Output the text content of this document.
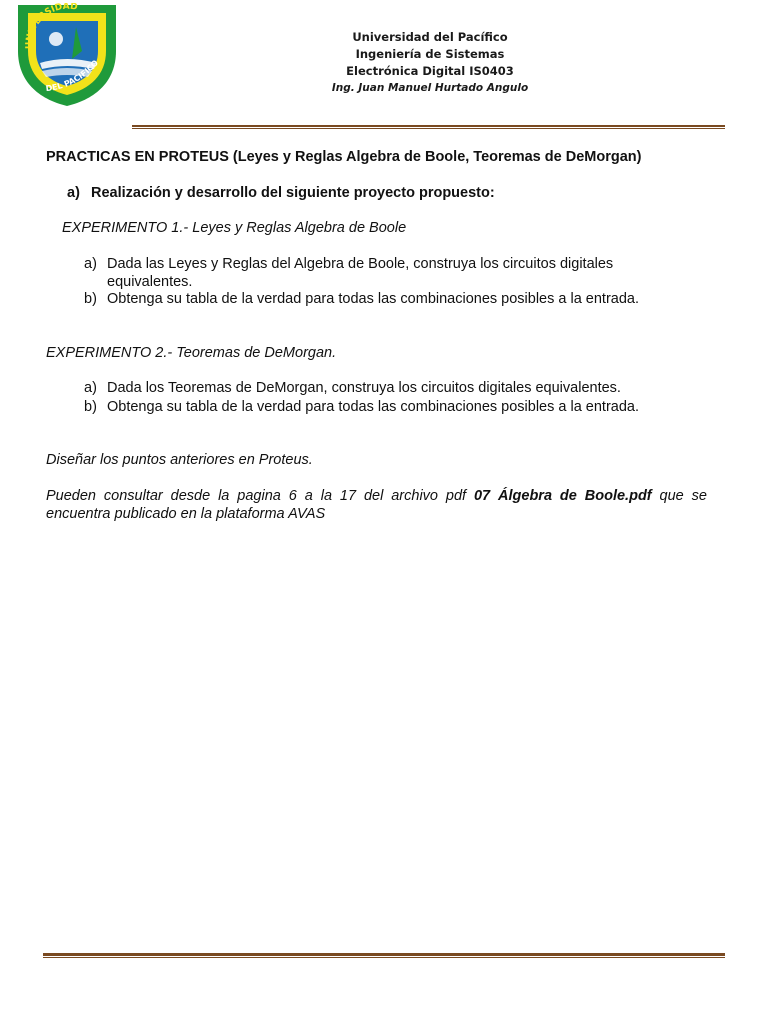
UNIVERSIDAD
DEL PACIFICO
Universidad del Pacífico
Ingeniería de Sistemas
Electrónica Digital IS0403
Ing. Juan Manuel Hurtado Angulo
PRACTICAS EN PROTEUS (Leyes y Reglas Algebra de Boole, Teoremas de DeMorgan)
a) Realización y desarrollo del siguiente proyecto propuesto:
EXPERIMENTO 1.- Leyes y Reglas Algebra de Boole
a) Dada las Leyes y Reglas del Algebra de Boole, construya los circuitos digitales
equivalentes.
b) Obtenga su tabla de la verdad para todas las combinaciones posibles a la entrada.
EXPERIMENTO 2.- Teoremas de DeMorgan.
a) Dada los Teoremas de DeMorgan, construya los circuitos digitales equivalentes.
b) Obtenga su tabla de la verdad para todas las combinaciones posibles a la entrada.
Diseñar los puntos anteriores en Proteus.
Pueden consultar desde la pagina 6 a la 17 del archivo pdf 07 Álgebra de Boole.pdf que se encuentra publicado en la plataforma AVAS
